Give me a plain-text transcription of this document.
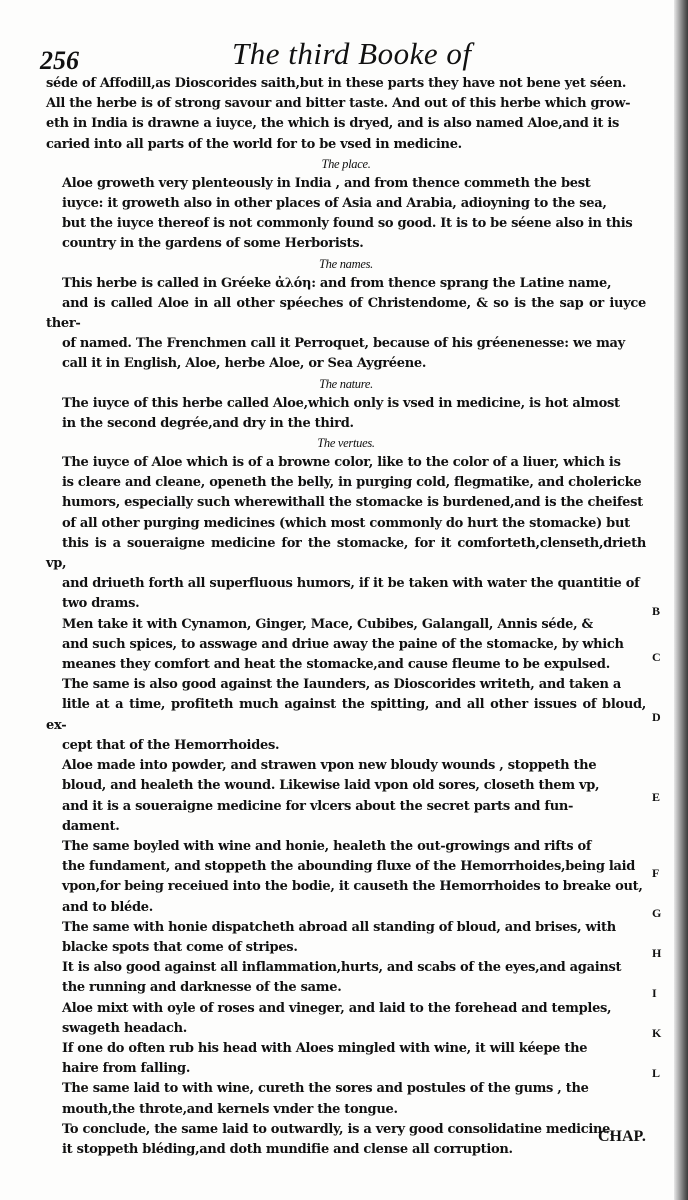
256	The third Booke of

séde of Affodill,as Dioscorides saith,but in these parts they have not bene yet séen.
All the herbe is of strong savour and bitter taste. And out of this herbe which grow-
eth in India is drawne a iuyce, the which is dryed, and is also named Aloe,and it is
caried into all parts of the world for to be vsed in medicine.

The place.

Aloe groweth very plenteously in India , and from thence commeth the best
iuyce: it groweth also in other places of Asia and Arabia, adioyning to the sea,
but the iuyce thereof is not commonly found so good. It is to be séene also in this
country in the gardens of some Herborists.

The names.

This herbe is called in Gréeke ἀλόη: and from thence sprang the Latine name,
and is called Aloe in all other spéeches of Christendome, & so is the sap or iuyce ther-
of named. The Frenchmen call it Perroquet, because of his gréenenesse: we may
call it in English, Aloe, herbe Aloe, or Sea Aygréene.

The nature.

The iuyce of this herbe called Aloe,which only is vsed in medicine, is hot almost
in the second degrée,and dry in the third.

The vertues.

The iuyce of Aloe which is of a browne color, like to the color of a liuer, which is
is cleare and cleane, openeth the belly, in purging cold, flegmatike, and cholericke
humors, especially such wherewithall the stomacke is burdened,and is the cheifest
of all other purging medicines (which most commonly do hurt the stomacke) but
this is a soueraigne medicine for the stomacke, for it comforteth,clenseth,drieth vp,
and driueth forth all superfluous humors, if it be taken with water the quantitie of
two drams.

Men take it with Cynamon, Ginger, Mace, Cubibes, Galangall, Annis séde, &
and such spices, to asswage and driue away the paine of the stomacke, by which
meanes they comfort and heat the stomacke,and cause fleume to be expulsed.

The same is also good against the Iaunders, as Dioscorides writeth, and taken a
litle at a time, profiteth much against the spitting, and all other issues of bloud, ex-
cept that of the Hemorrhoides.

Aloe made into powder, and strawen vpon new bloudy wounds , stoppeth the
bloud, and healeth the wound. Likewise laid vpon old sores, closeth them vp,
and it is a soueraigne medicine for vlcers about the secret parts and fun-
dament.

The same boyled with wine and honie, healeth the out-growings and rifts of
the fundament, and stoppeth the abounding fluxe of the Hemorrhoides,being laid
vpon,for being receiued into the bodie, it causeth the Hemorrhoides to breake out,
and to bléde.

The same with honie dispatcheth abroad all standing of bloud, and brises, with
blacke spots that come of stripes.

It is also good against all inflammation,hurts, and scabs of the eyes,and against
the running and darknesse of the same.

Aloe mixt with oyle of roses and vineger, and laid to the forehead and temples,
swageth headach.

If one do often rub his head with Aloes mingled with wine, it will kéepe the
haire from falling.

The same laid to with wine, cureth the sores and postules of the gums , the
mouth,the throte,and kernels vnder the tongue.

To conclude, the same laid to outwardly, is a very good consolidatine medicine,
it stoppeth bléding,and doth mundifie and clense all corruption.

B
C
D
E
F
G
H
I
K
L
CHAP.
